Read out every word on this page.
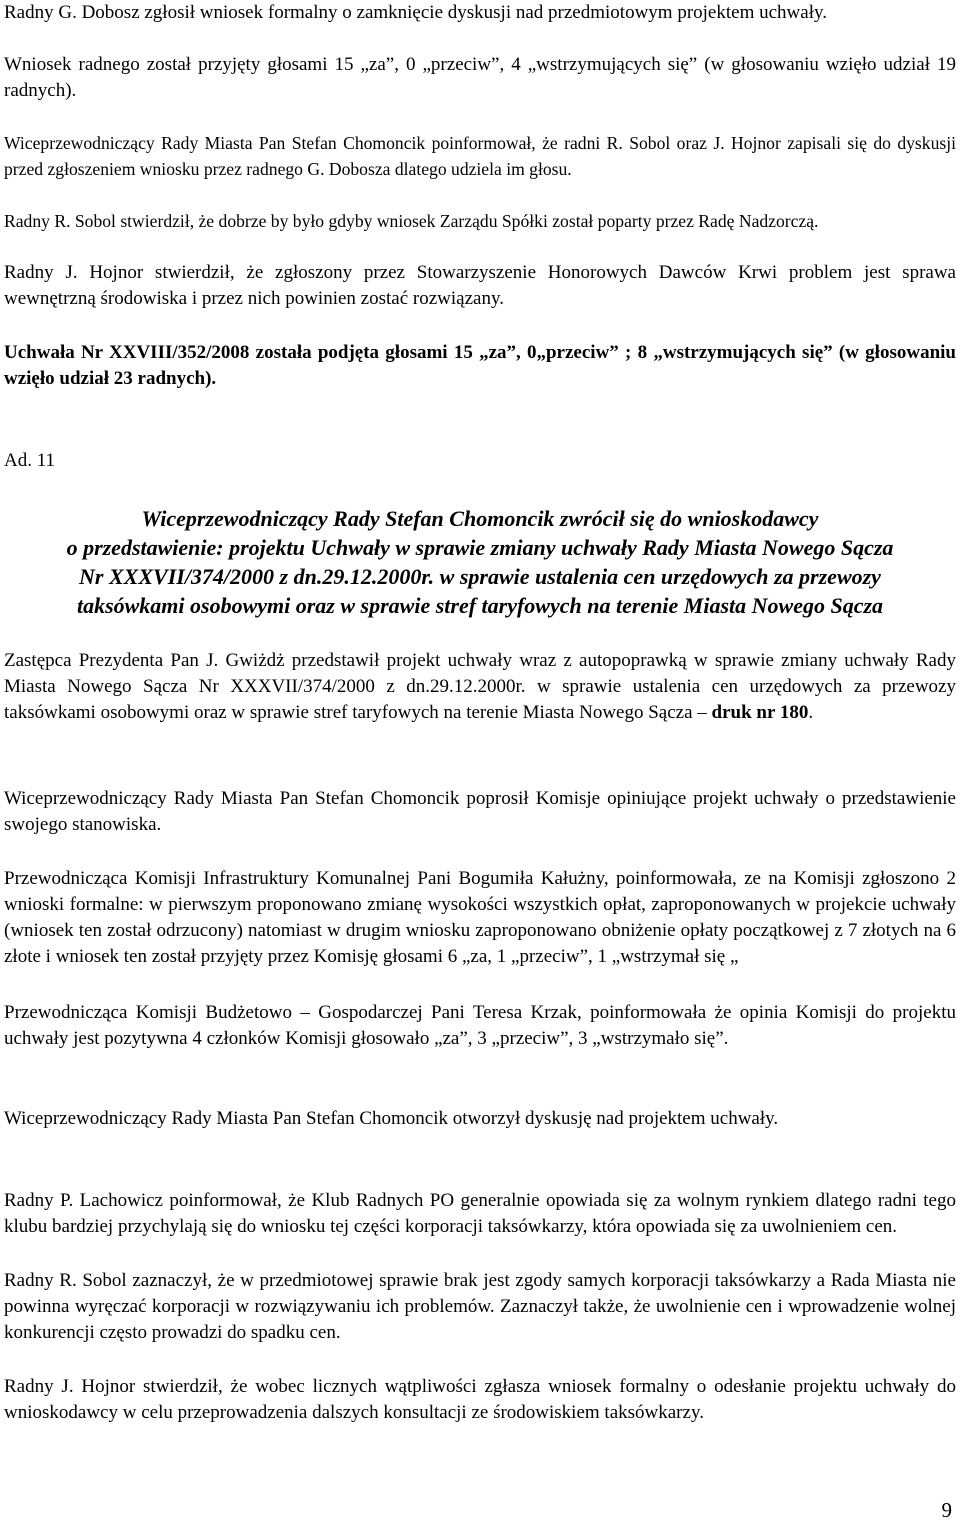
Radny G. Dobosz zgłosił wniosek formalny o zamknięcie dyskusji nad przedmiotowym projektem uchwały.

Wniosek radnego został przyjęty głosami 15 „za”, 0 „przeciw”, 4 „wstrzymujących się” (w głosowaniu wzięło udział 19 radnych).

Wiceprzewodniczący Rady Miasta Pan Stefan Chomoncik poinformował, że radni R. Sobol oraz J. Hojnor zapisali się do dyskusji przed zgłoszeniem wniosku przez radnego G. Dobosza dlatego udziela im głosu.

Radny R. Sobol stwierdził, że dobrze by było gdyby wniosek Zarządu Spółki został poparty przez Radę Nadzorczą.

Radny J. Hojnor stwierdził, że zgłoszony przez Stowarzyszenie Honorowych Dawców Krwi problem jest sprawa wewnętrzną środowiska i przez nich powinien zostać rozwiązany.

Uchwała Nr XXVIII/352/2008 została podjęta głosami 15 „za”, 0„przeciw” ; 8 „wstrzymujących się” (w głosowaniu wzięło udział 23 radnych).

Ad. 11

Wiceprzewodniczący Rady Stefan Chomoncik zwrócił się do wnioskodawcy
o przedstawienie: projektu Uchwały w sprawie zmiany uchwały Rady Miasta Nowego Sącza
Nr XXXVII/374/2000 z dn.29.12.2000r. w sprawie ustalenia cen urzędowych za przewozy
taksówkami osobowymi oraz w sprawie stref taryfowych na terenie Miasta Nowego Sącza

Zastępca Prezydenta Pan J. Gwiżdż przedstawił projekt uchwały wraz z autopoprawką w sprawie zmiany uchwały Rady Miasta Nowego Sącza Nr XXXVII/374/2000 z dn.29.12.2000r. w sprawie ustalenia cen urzędowych za przewozy taksówkami osobowymi oraz w sprawie stref taryfowych na terenie Miasta Nowego Sącza – druk nr 180.

Wiceprzewodniczący Rady Miasta Pan Stefan Chomoncik poprosił Komisje opiniujące projekt uchwały o przedstawienie swojego stanowiska.

Przewodnicząca Komisji Infrastruktury Komunalnej Pani Bogumiła Kałużny, poinformowała, ze na Komisji zgłoszono 2 wnioski formalne: w pierwszym proponowano zmianę wysokości wszystkich opłat, zaproponowanych w projekcie uchwały (wniosek ten został odrzucony) natomiast w drugim wniosku zaproponowano obniżenie opłaty początkowej z 7 złotych na 6 złote i wniosek ten został przyjęty przez Komisję głosami 6 „za, 1 „przeciw”, 1 „wstrzymał się „

Przewodnicząca Komisji Budżetowo – Gospodarczej Pani Teresa Krzak, poinformowała że opinia Komisji do projektu uchwały jest pozytywna 4 członków Komisji głosowało „za”, 3 „przeciw”, 3 „wstrzymało się”.

Wiceprzewodniczący Rady Miasta Pan Stefan Chomoncik otworzył dyskusję nad projektem uchwały.

Radny P. Lachowicz poinformował, że Klub Radnych PO generalnie opowiada się za wolnym rynkiem dlatego radni tego klubu bardziej przychylają się do wniosku tej części korporacji taksówkarzy, która opowiada się za uwolnieniem cen.

Radny R. Sobol zaznaczył, że w przedmiotowej sprawie brak jest zgody samych korporacji taksówkarzy a Rada Miasta nie powinna wyręczać korporacji w rozwiązywaniu ich problemów. Zaznaczył także, że uwolnienie cen i wprowadzenie wolnej konkurencji często prowadzi do spadku cen.

Radny J. Hojnor stwierdził, że wobec licznych wątpliwości zgłasza wniosek formalny o odesłanie projektu uchwały do wnioskodawcy w celu przeprowadzenia dalszych konsultacji ze środowiskiem taksówkarzy.

9
